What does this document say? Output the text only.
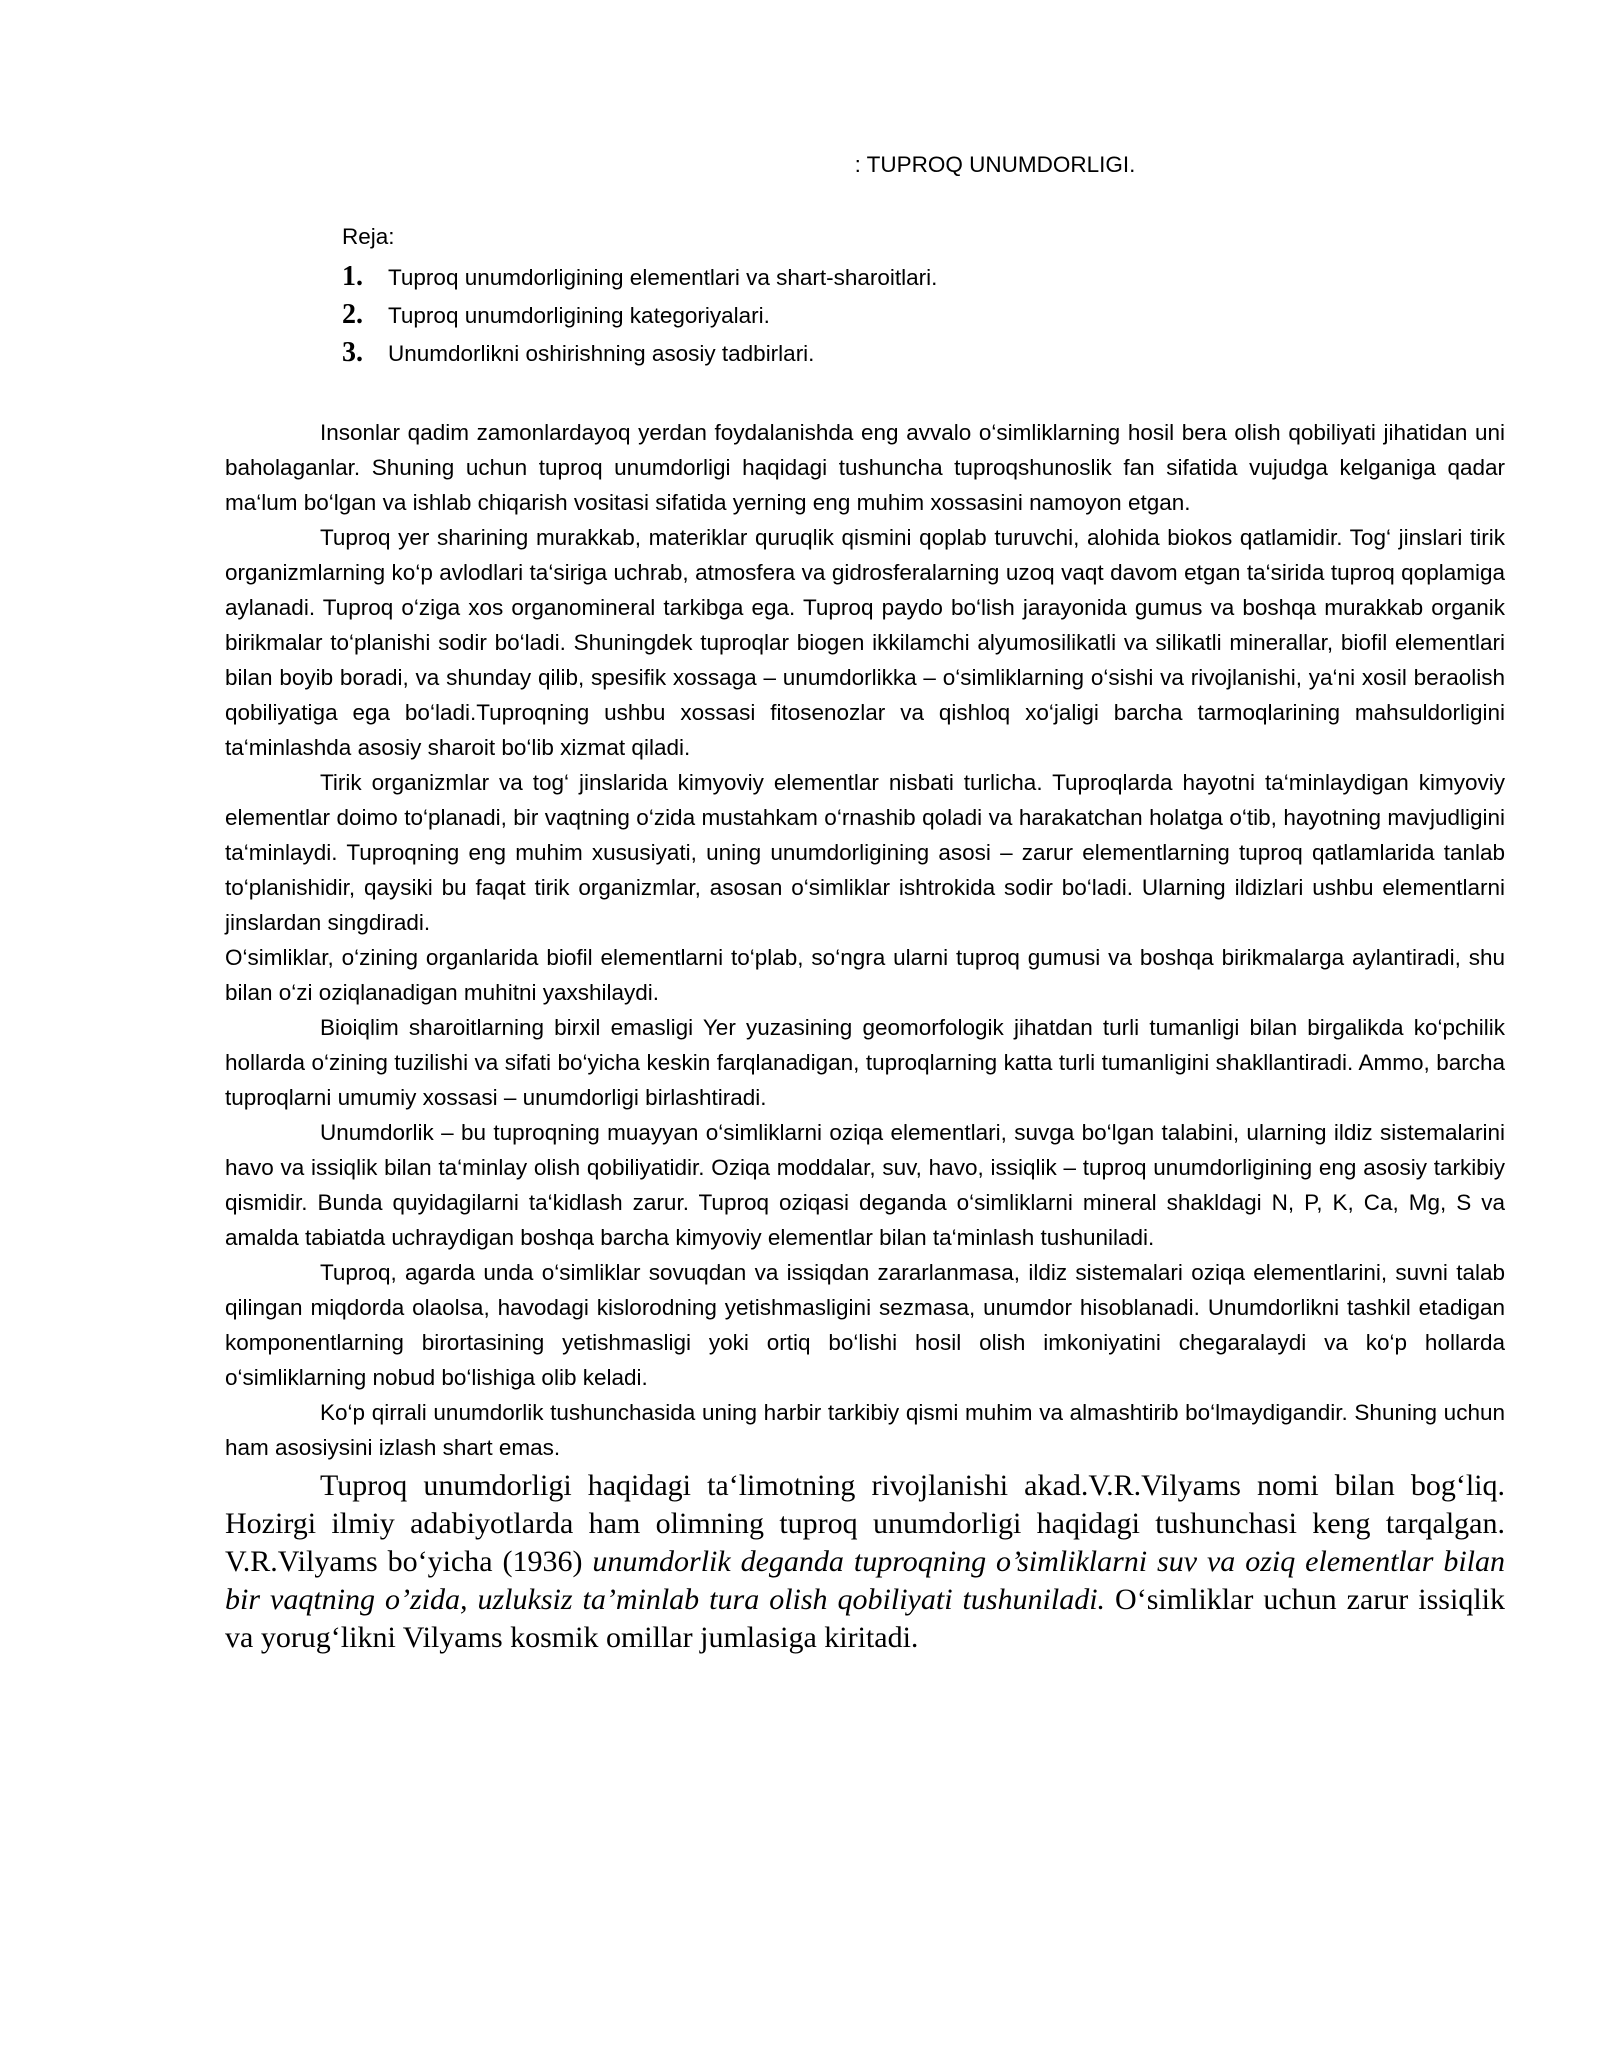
: TUPROQ UNUMDORLIGI.
Reja:
1.	Tuproq unumdorligining elementlari va shart-sharoitlari.
2.	Tuproq unumdorligining kategoriyalari.
3.	Unumdorlikni oshirishning asosiy tadbirlari.

Insonlar qadim zamonlardayoq yerdan foydalanishda eng avvalo o‘simliklarning hosil bera olish qobiliyati jihatidan uni baholaganlar. Shuning uchun tuproq unumdorligi haqidagi tushuncha tuproqshunoslik fan sifatida vujudga kelganiga qadar ma‘lum bo‘lgan va ishlab chiqarish vositasi sifatida yerning eng muhim xossasini namoyon etgan.

Tuproq yer sharining murakkab, materiklar quruqlik qismini qoplab turuvchi, alohida biokos qatlamidir. Tog‘ jinslari tirik organizmlarning ko‘p avlodlari ta‘siriga uchrab, atmosfera va gidrosferalarning uzoq vaqt davom etgan ta‘sirida tuproq qoplamiga aylanadi. Tuproq o‘ziga xos organomineral tarkibga ega. Tuproq paydo bo‘lish jarayonida gumus va boshqa murakkab organik birikmalar to‘planishi sodir bo‘ladi. Shuningdek tuproqlar biogen ikkilamchi alyumosilikatli va silikatli minerallar, biofil elementlari bilan boyib boradi, va shunday qilib, spesifik xossaga – unumdorlikka – o‘simliklarning o‘sishi va rivojlanishi, ya‘ni xosil beraolish qobiliyatiga ega bo‘ladi.Tuproqning ushbu xossasi fitosenozlar va qishloq xo‘jaligi barcha tarmoqlarining mahsuldorligini ta‘minlashda asosiy sharoit bo‘lib xizmat qiladi.

Tirik organizmlar va tog‘ jinslarida kimyoviy elementlar nisbati turlicha. Tuproqlarda hayotni ta‘minlaydigan kimyoviy elementlar doimo to‘planadi, bir vaqtning o‘zida mustahkam o‘rnashib qoladi va harakatchan holatga o‘tib, hayotning mavjudligini ta‘minlaydi. Tuproqning eng muhim xususiyati, uning unumdorligining asosi – zarur elementlarning tuproq qatlamlarida tanlab to‘planishidir, qaysiki bu faqat tirik organizmlar, asosan o‘simliklar ishtrokida sodir bo‘ladi. Ularning ildizlari ushbu elementlarni jinslardan singdiradi.

O‘simliklar, o‘zining organlarida biofil elementlarni to‘plab, so‘ngra ularni tuproq gumusi va boshqa birikmalarga aylantiradi, shu bilan o‘zi oziqlanadigan muhitni yaxshilaydi.

Bioiqlim sharoitlarning birxil emasligi Yer yuzasining geomorfologik jihatdan turli tumanligi bilan birgalikda ko‘pchilik hollarda o‘zining tuzilishi va sifati bo‘yicha keskin farqlanadigan, tuproqlarning katta turli tumanligini shakllantiradi. Ammo, barcha tuproqlarni umumiy xossasi – unumdorligi birlashtiradi.

Unumdorlik – bu tuproqning muayyan o‘simliklarni oziqa elementlari, suvga bo‘lgan talabini, ularning ildiz sistemalarini havo va issiqlik bilan ta‘minlay olish qobiliyatidir. Oziqa moddalar, suv, havo, issiqlik – tuproq unumdorligining eng asosiy tarkibiy qismidir. Bunda quyidagilarni ta‘kidlash zarur. Tuproq oziqasi deganda o‘simliklarni mineral shakldagi N, P, K, Ca, Mg, S va amalda tabiatda uchraydigan boshqa barcha kimyoviy elementlar bilan ta‘minlash tushuniladi.

Tuproq, agarda unda o‘simliklar sovuqdan va issiqdan zararlanmasa, ildiz sistemalari oziqa elementlarini, suvni talab qilingan miqdorda olaolsa, havodagi kislorodning yetishmasligini sezmasa, unumdor hisoblanadi. Unumdorlikni tashkil etadigan komponentlarning birortasining yetishmasligi yoki ortiq bo‘lishi hosil olish imkoniyatini chegaralaydi va ko‘p hollarda o‘simliklarning nobud bo‘lishiga olib keladi.

Ko‘p qirrali unumdorlik tushunchasida uning harbir tarkibiy qismi muhim va almashtirib bo‘lmaydigandir. Shuning uchun ham asosiysini izlash shart emas.

Tuproq unumdorligi haqidagi ta‘limotning rivojlanishi akad.V.R.Vilyams nomi bilan bog‘liq. Hozirgi ilmiy adabiyotlarda ham olimning tuproq unumdorligi haqidagi tushunchasi keng tarqalgan. V.R.Vilyams bo‘yicha (1936) unumdorlik deganda tuproqning o’simliklarni suv va oziq elementlar bilan bir vaqtning o’zida, uzluksiz ta’minlab tura olish qobiliyati tushuniladi. O‘simliklar uchun zarur issiqlik va yorug‘likni Vilyams kosmik omillar jumlasiga kiritadi.
